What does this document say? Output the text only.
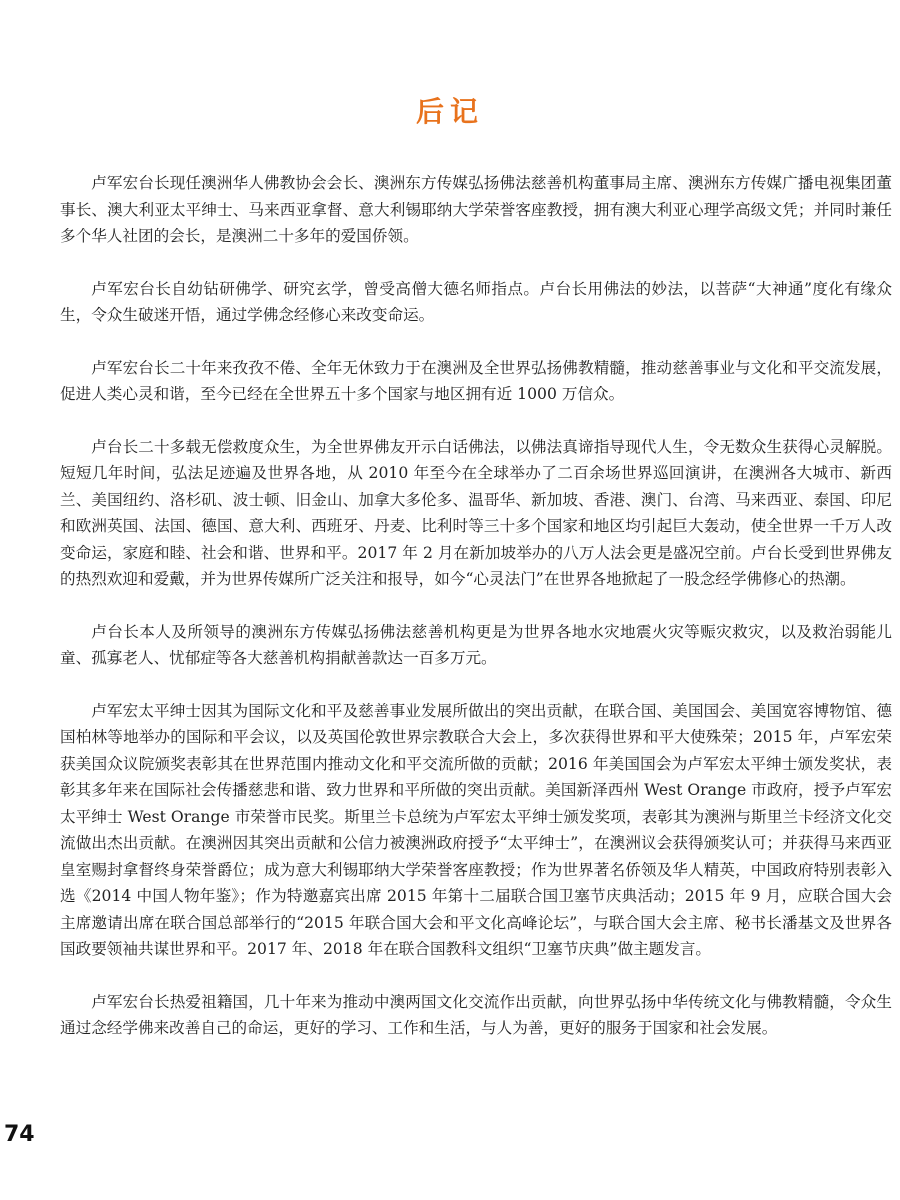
后记

卢军宏台长现任澳洲华人佛教协会会长、澳洲东方传媒弘扬佛法慈善机构董事局主席、澳洲东方传媒广播电视集团董事长、澳大利亚太平绅士、马来西亚拿督、意大利锡耶纳大学荣誉客座教授，拥有澳大利亚心理学高级文凭；并同时兼任多个华人社团的会长，是澳洲二十多年的爱国侨领。

卢军宏台长自幼钻研佛学、研究玄学，曾受高僧大德名师指点。卢台长用佛法的妙法，以菩萨“大神通”度化有缘众生，令众生破迷开悟，通过学佛念经修心来改变命运。

卢军宏台长二十年来孜孜不倦、全年无休致力于在澳洲及全世界弘扬佛教精髓，推动慈善事业与文化和平交流发展，促进人类心灵和谐，至今已经在全世界五十多个国家与地区拥有近 1000 万信众。

卢台长二十多载无偿救度众生，为全世界佛友开示白话佛法，以佛法真谛指导现代人生，令无数众生获得心灵解脱。短短几年时间，弘法足迹遍及世界各地，从 2010 年至今在全球举办了二百余场世界巡回演讲，在澳洲各大城市、新西兰、美国纽约、洛杉矶、波士顿、旧金山、加拿大多伦多、温哥华、新加坡、香港、澳门、台湾、马来西亚、泰国、印尼和欧洲英国、法国、德国、意大利、西班牙、丹麦、比利时等三十多个国家和地区均引起巨大轰动，使全世界一千万人改变命运，家庭和睦、社会和谐、世界和平。2017 年 2 月在新加坡举办的八万人法会更是盛况空前。卢台长受到世界佛友的热烈欢迎和爱戴，并为世界传媒所广泛关注和报导，如今“心灵法门”在世界各地掀起了一股念经学佛修心的热潮。

卢台长本人及所领导的澳洲东方传媒弘扬佛法慈善机构更是为世界各地水灾地震火灾等赈灾救灾，以及救治弱能儿童、孤寡老人、忧郁症等各大慈善机构捐献善款达一百多万元。

卢军宏太平绅士因其为国际文化和平及慈善事业发展所做出的突出贡献，在联合国、美国国会、美国宽容博物馆、德国柏林等地举办的国际和平会议，以及英国伦敦世界宗教联合大会上，多次获得世界和平大使殊荣；2015 年，卢军宏荣获美国众议院颁奖表彰其在世界范围内推动文化和平交流所做的贡献；2016 年美国国会为卢军宏太平绅士颁发奖状，表彰其多年来在国际社会传播慈悲和谐、致力世界和平所做的突出贡献。美国新泽西州 West Orange 市政府，授予卢军宏太平绅士 West Orange 市荣誉市民奖。斯里兰卡总统为卢军宏太平绅士颁发奖项，表彰其为澳洲与斯里兰卡经济文化交流做出杰出贡献。在澳洲因其突出贡献和公信力被澳洲政府授予“太平绅士”，在澳洲议会获得颁奖认可；并获得马来西亚皇室赐封拿督终身荣誉爵位；成为意大利锡耶纳大学荣誉客座教授；作为世界著名侨领及华人精英，中国政府特别表彰入选《2014 中国人物年鉴》；作为特邀嘉宾出席 2015 年第十二届联合国卫塞节庆典活动；2015 年 9 月，应联合国大会主席邀请出席在联合国总部举行的“2015 年联合国大会和平文化高峰论坛”，与联合国大会主席、秘书长潘基文及世界各国政要领袖共谋世界和平。2017 年、2018 年在联合国教科文组织“卫塞节庆典”做主题发言。

卢军宏台长热爱祖籍国，几十年来为推动中澳两国文化交流作出贡献，向世界弘扬中华传统文化与佛教精髓，令众生通过念经学佛来改善自己的命运，更好的学习、工作和生活，与人为善，更好的服务于国家和社会发展。

74
